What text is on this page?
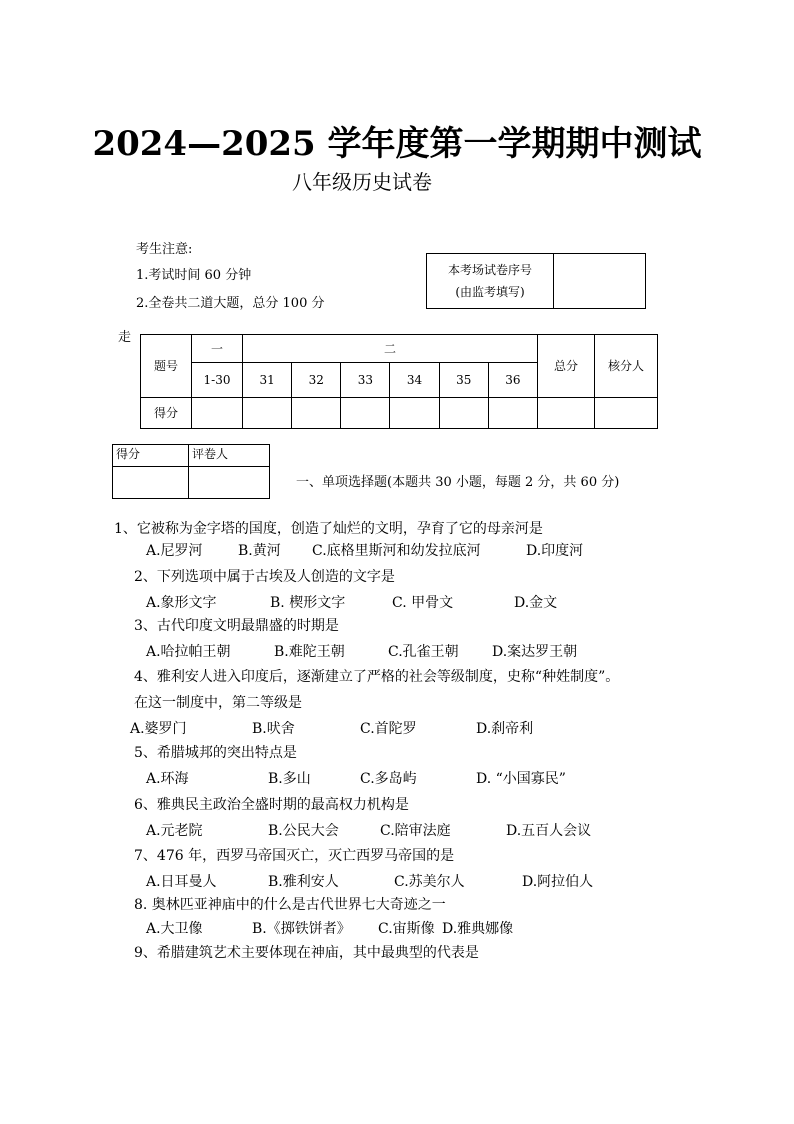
2024—2025 学年度第一学期期中测试
八年级历史试卷
考生注意:
1.考试时间 60 分钟
2.全卷共二道大题，总分 100 分
本考场试卷序号
(由监考填写)

走
题号	一	二						总分	核分人
	1-30	31	32	33	34	35	36		
得分									
得分	评卷人

一、单项选择题(本题共 30 小题，每题 2 分，共 60 分)
1、它被称为金字塔的国度，创造了灿烂的文明，孕育了它的母亲河是
A.尼罗河	B.黄河 C.底格里斯河和幼发拉底河	D.印度河
2、下列选项中属于古埃及人创造的文字是
A.象形文字	B. 楔形文字	C. 甲骨文	D.金文
3、古代印度文明最鼎盛的时期是
A.哈拉帕王朝	B.难陀王朝	C.孔雀王朝 D.案达罗王朝
4、雅利安人进入印度后，逐渐建立了严格的社会等级制度，史称“种姓制度”。
在这一制度中，第二等级是
A.婆罗门	B.吠舍	C.首陀罗	D.刹帝利
5、希腊城邦的突出特点是
A.环海	B.多山	C.多岛屿	D. “小国寡民”
6、雅典民主政治全盛时期的最高权力机构是
A.元老院	B.公民大会	C.陪审法庭	D.五百人会议
7、476 年，西罗马帝国灭亡，灭亡西罗马帝国的是
A.日耳曼人	B.雅利安人	C.苏美尔人	D.阿拉伯人
8. 奥林匹亚神庙中的什么是古代世界七大奇迹之一
A.大卫像	B.《掷铁饼者》 C.宙斯像 D.雅典娜像
9、希腊建筑艺术主要体现在神庙，其中最典型的代表是
